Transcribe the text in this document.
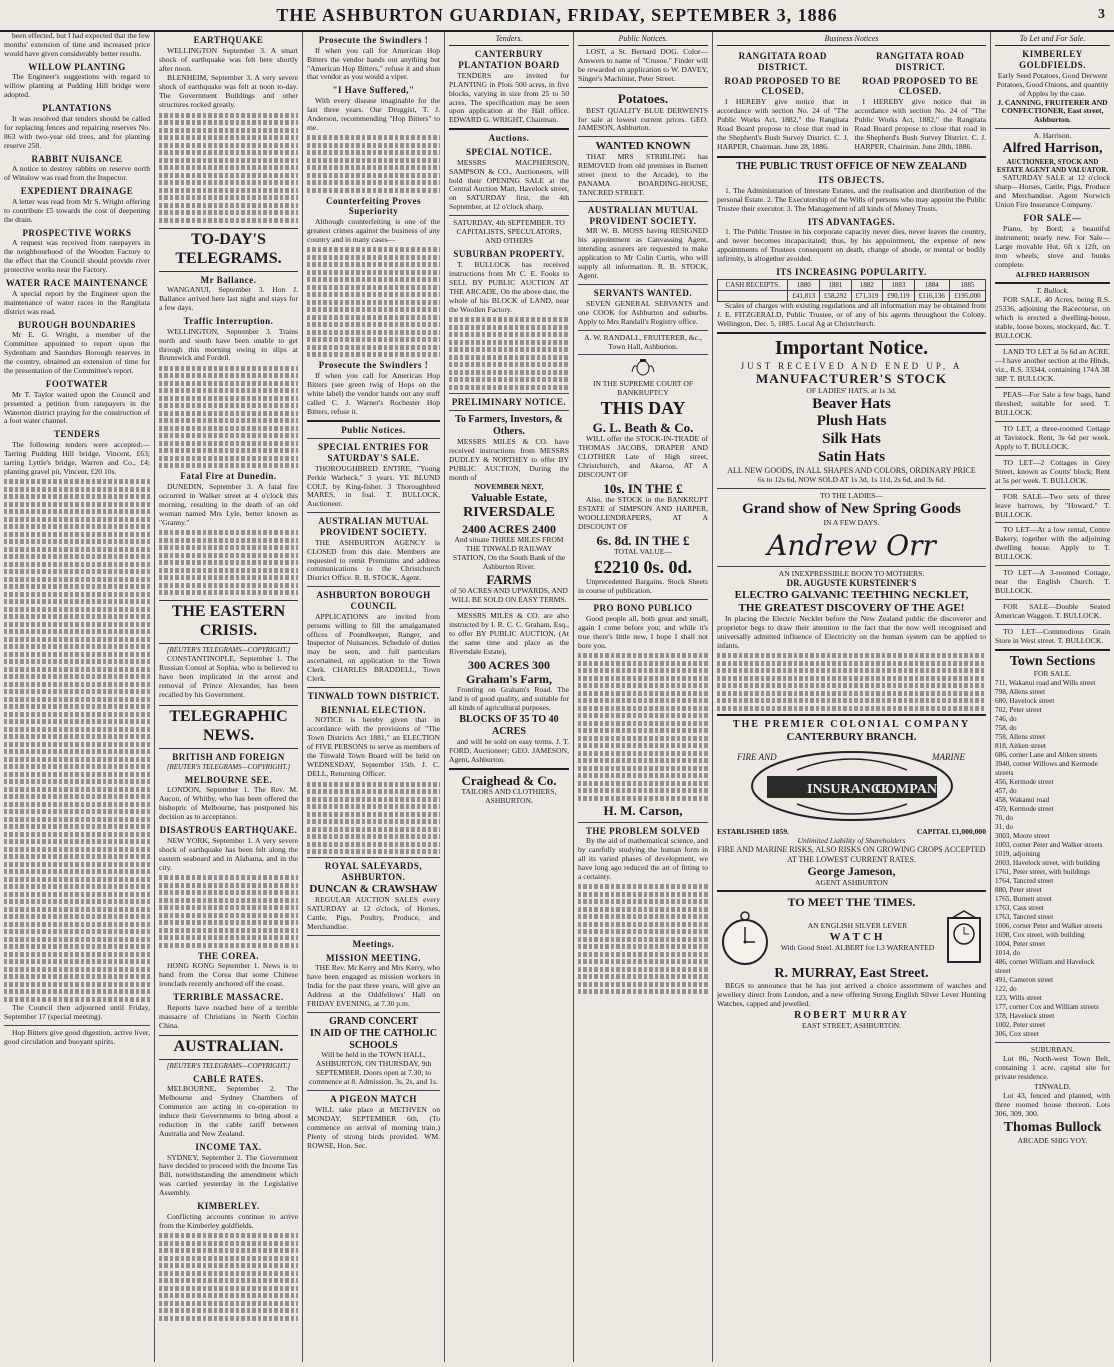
THE ASHBURTON GUARDIAN, FRIDAY, SEPTEMBER 3, 1886	3
been effected, but I had expected that the few months' extension of time and increased price would have given considerably better results.
WILLOW PLANTING
The Engineer's suggestions with regard to willow planting at Pudding Hill bridge were adopted.
PLANTATIONS
It was resolved that tenders should be called for replacing fences and repairing reserves No. 863 with two-year old trees, and for planting reserve 258.
RABBIT NUISANCE
A notice to destroy rabbits on reserve north of Winslow was read from the Inspector.
EXPEDIENT DRAINAGE
A letter was read from Mr S. Wright offering to contribute £5 towards the cost of deepening the drain.
PROSPECTIVE WORKS
A request was received from ratepayers in the neighbourhood of the Wooden Factory to the effect that the Council should provide river protective works near the Factory.
WATER RACE MAINTENANCE
A special report by the Engineer upon the maintenance of water races in the Rangitata district was read.
BUROUGH BOUNDARIES
Mr E. G. Wright, a member of the Committee appointed to report upon the Sydenham and Saundsrs Borough reserves in the country, obtained an extension of time for the presentation of the Committee's report.
FOOTWATER
Mr T. Taylor waited upon the Council and presented a petition from ratepayers in the Waterton district praying for the construction of a foot water channel.
TENDERS
The following tenders were accepted:—Tarring Pudding Hill bridge, Vincent, £63; tarring Lyttle's bridge, Warren and Co., £4; planting gravel pit, Vincent, £20 10s.
The Council then adjourned until Friday, September 17 (special meeting).
Hop Bitters give good digestion, active liver, good circulation and buoyant spirits.
EARTHQUAKE
WELLINGTON September 3. A smart shock of earthquake was felt here shortly after noon.
BLENHEIM, September 3. A very severe shock of earthquake was felt at noon to-day. The Government Buildings and other structures rocked greatly.
TO-DAY'S TELEGRAMS.
Mr Ballance.
WANGANUI, September 3. Hon J. Ballance arrived here last night and stays for a few days.
Traffic Interruption.
WELLINGTON, September 3. Trains north and south have been unable to get through this morning owing to slips at Brunswick and Fordell.
Fatal Fire at Dunedin.
DUNEDIN, September 3. A fatal fire occurred in Walker street at 4 o'clock this morning, resulting in the death of an old woman named Mrs Lyle, better known as "Granny."
THE EASTERN CRISIS.
[REUTER'S TELEGRAMS—COPYRIGHT.]
CONSTANTINOPLE, September 1. The Russian Consul at Sophia, who is believed to have been implicated in the arrest and removal of Prince Alexander, has been recalled by his Government.
TELEGRAPHIC NEWS.
BRITISH AND FOREIGN
[REUTER'S TELEGRAMS—COPYRIGHT.]
MELBOURNE SEE.
LONDON, September 1. The Rev. M. Aucon, of Whitby, who has been offered the bishopric of Melbourne, has postponed his decision as to acceptance.
DISASTROUS EARTHQUAKE.
NEW YORK, September 1. A very severe shock of earthquake has been felt along the eastern seaboard and in Alabama, and in the city.
THE COREA.
HONG KONG September 1. News is to hand from the Corea that some Chinese ironclads recently anchored off the coast.
TERRIBLE MASSACRE.
Reports have reached here of a terrible massacre of Christians in North Cochin China.
AUSTRALIAN.
[REUTER'S TELEGRAMS—COPYRIGHT.]
CABLE RATES.
MELBOURNE, September 2. The Melbourne and Sydney Chambers of Commerce are acting in co-operation to induce their Governments to bring about a reduction in the cable tariff between Australia and New Zealand.
INCOME TAX.
SYDNEY, September 2. The Government have decided to proceed with the Income Tax Bill, notwithstanding the amendment which was carried yesterday in the Legislative Assembly.
KIMBERLEY.
Conflicting accounts continue to arrive from the Kimberley goldfields.
Prosecute the Swindlers !
If when you call for American Hop Bitters the vendor hands out anything but "American Hop Bitters," refuse it and shun that vendor as you would a viper.
"I Have Suffered,"
With every disease imaginable for the last three years. Our Druggist, T. J. Anderson, recommending "Hop Bitters" to me.
Counterfeiting Proves Superiority
Although counterfeiting is one of the greatest crimes against the business of any country and in many cases—
Prosecute the Swindlers !
If when you call for American Hop Bitters (see green twig of Hops on the white label) the vendor hands out any stuff called C. J. Warner's Rochester Hop Bitters, refuse it.
Public Notices.
SPECIAL ENTRIES FOR SATURDAY'S SALE.
THOROUGHBRED ENTIRE, "Young Perkie Warbeck," 3 years. YE BLUND COLT, by King-fisher. 3 Thoroughbred MARES, in foal. T. BULLOCK, Auctioneer.
AUSTRALIAN MUTUAL PROVIDENT SOCIETY.
THE ASHBURTON AGENCY is CLOSED from this date. Members are requested to remit Premiums and address communications to the Christchurch District Office. R. B. STOCK, Agent.
ASHBURTON BOROUGH COUNCIL
APPLICATIONS are invited from persons willing to fill the amalgamated offices of Poundkeeper, Ranger, and Inspector of Nuisances. Schedule of duties may be seen, and full particulars ascertained, on application to the Town Clerk. CHARLES BRADDELL, Town Clerk.
TINWALD TOWN DISTRICT.
BIENNIAL ELECTION.
NOTICE is hereby given that in accordance with the provisions of "The Town Districts Act 1881," an ELECTION of FIVE PERSONS to serve as members of the Tinwald Town Board will be held on WEDNESDAY, September 15th. J. C. DELL, Returning Officer.
ROYAL SALEYARDS, ASHBURTON.
DUNCAN & CRAWSHAW
REGULAR AUCTION SALES every SATURDAY at 12 o'clock, of Horses, Cattle, Pigs, Poultry, Produce, and Merchandise.
Meetings.
MISSION MEETING.
THE Rev. Mr Kerry and Mrs Kerry, who have been engaged as mission workers in India for the past three years, will give an Address at the Oddfellows' Hall on FRIDAY EVENING, at 7.30 p.m.
GRAND CONCERT
IN AID OF THE CATHOLIC SCHOOLS
Will be held in the TOWN HALL, ASHBURTON, ON THURSDAY, 9th SEPTEMBER. Doors open at 7.30; to commence at 8. Admission, 3s, 2s, and 1s.
A PIGEON MATCH
WILL take place at METHVEN on MONDAY, SEPTEMBER 6th, (To commence on arrival of morning train.) Plenty of strong birds provided. WM. ROWSE, Hon. Sec.
Tenders.
CANTERBURY PLANTATION BOARD
TENDERS are invited for PLANTING in Plots 500 acres, in five blocks, varying in size from 25 to 50 acres. The specification may be seen upon application at the Hall office. EDWARD G. WRIGHT, Chairman.
Auctions.
SPECIAL NOTICE.
MESSRS MACPHERSON, SAMPSON & CO., Auctioneers, will hold their OPENING SALE at the Central Auction Mart, Havelock street, on SATURDAY first, the 4th September, at 12 o'clock sharp.
SATURDAY, 4th SEPTEMBER. TO CAPITALISTS, SPECULATORS, AND OTHERS
SUBURBAN PROPERTY.
T. BULLOCK has received instructions from Mr C. E. Fooks to SELL BY PUBLIC AUCTION AT THE ARCADE, On the above date, the whole of his BLOCK of LAND, near the Woollen Factory.
PRELIMINARY NOTICE.
To Farmers, Investors, & Others.
MESSRS MILES & CO. have received instructions from MESSRS DUDLEY & NORTHEY to offer BY PUBLIC AUCTION, During the month of
NOVEMBER NEXT,
Valuable Estate,
RIVERSDALE
2400 ACRES 2400
And situate THREE MILES FROM THE TINWALD RAILWAY STATION, On the South Bank of the Ashburton River.
FARMS
of 50 ACRES AND UPWARDS, AND WILL BE SOLD ON EASY TERMS.
MESSRS MILES & CO. are also instructed by I. R. C. C. Graham, Esq., to offer BY PUBLIC AUCTION, (At the same time and place as the Riversdale Estate),
300 ACRES 300 Graham's Farm,
Fronting on Graham's Road. The land is of good quality, and suitable for all kinds of agricultural purposes.
BLOCKS OF 35 TO 40 ACRES
and will be sold on easy terms. J. T. FORD, Auctioneer; GEO. JAMESON, Agent, Ashburton.
Craighead & Co.
TAILORS AND CLOTHIERS, ASHBURTON.
Public Notices.
LOST, a St. Bernard DOG. Color—Answers to name of "Crusoe." Finder will be rewarded on application to W. DAVEY, Singer's Machinist, Peter Street.
Potatoes.
BEST QUALITY BLUE DERWENTS for sale at lowest current prices. GEO. JAMESON, Ashburton.
WANTED KNOWN
THAT MRS STRIBLING has REMOVED from old premises in Burnett street (next to the Arcade), to the PANAMA BOARDING-HOUSE, TANCRED STREET.
AUSTRALIAN MUTUAL PROVIDENT SOCIETY.
MR W. B. MOSS having RESIGNED his appointment as Canvassing Agent, intending assurers are requested to make application to Mr Colin Curtis, who will supply all information. R. B. STOCK, Agent.
SERVANTS WANTED.
SEVEN GENERAL SERVANTS and one COOK for Ashburton and suburbs. Apply to Mrs Randall's Registry office.
A. W. RANDALL, FRUITERER, &c., Town Hall, Ashburton.
IN THE SUPREME COURT OF BANKRUPTCY
THIS DAY
G. L. Beath & Co.
WILL offer the STOCK-IN-TRADE of THOMAS JACOBS, DRAPER AND CLOTHIER Late of High street, Christchurch, and Akaroa, AT A DISCOUNT OF
10s. IN THE £
Also, the STOCK in the BANKRUPT ESTATE of SIMPSON AND HARPER, WOOLLENDRAPERS, AT A DISCOUNT OF
6s. 8d. IN THE £
TOTAL VALUE—
£2210 0s. 0d.
Unprecedented Bargains. Stock Sheets in course of publication.
PRO BONO PUBLICO
Good people all, both great and small, again I come before you; and while it's true there's little new, I hope I shall not bore you.
H. M. Carson,
THE PROBLEM SOLVED
By the aid of mathematical science, and by carefully studying the human form in all its varied phases of development, we have long ago reduced the art of fitting to a certainty.
Business Notices
RANGITATA ROAD DISTRICT.
ROAD PROPOSED TO BE CLOSED.
I HEREBY give notice that in accordance with section No. 24 of "The Public Works Act, 1882," the Rangitata Road Board propose to close that road in the Shepherd's Bush Survey District. C. J. HARPER, Chairman. June 28, 1886.
RANGITATA ROAD DISTRICT.
ROAD PROPOSED TO BE CLOSED.
I HEREBY give notice that in accordance with section No. 24 of "The Public Works Act, 1882," the Rangitata Road Board propose to close that road in the Shepherd's Bush Survey District. C. J. HARPER, Chairman. June 28th, 1886.
THE PUBLIC TRUST OFFICE OF NEW ZEALAND
ITS OBJECTS.
1. The Administration of Intestate Estates, and the realisation and distribution of the personal Estate. 2. The Executorship of the Wills of persons who may appoint the Public Trustee their executor. 3. The Management of all kinds of Money Trusts.
ITS ADVANTAGES.
1. The Public Trustee in his corporate capacity never dies, never leaves the country, and never becomes incapacitated; thus, by his appointment, the expense of new appointments of Trustees consequent on death, change of abode, or mental or bodily infirmity, is altogether avoided.
ITS INCREASING POPULARITY.
CASH RECEIPTS.	1880	1881	1882	1883	1884	1885
	£41,813	£58,292	£71,319	£90,119	£116,136	£195,000
Scales of charges with existing regulations and all information may be obtained from J. E. FITZGERALD, Public Trustee, or of any of his agents throughout the Colony. Wellington, Dec. 5, 1885. Local Ag at Christchurch.
Important Notice.
JUST RECEIVED AND ENED UP, A
MANUFACTURER'S STOCK
OF LADIES' HATS, at 1s 3d.
Beaver Hats
Plush Hats
Silk Hats
Satin Hats
ALL NEW GOODS, IN ALL SHAPES AND COLORS, ORDINARY PRICE
6s to 12s 6d, NOW SOLD AT 1s 3d, 1s 11d, 2s 6d, and 3s 6d.
TO THE LADIES—
Grand show of New Spring Goods
IN A FEW DAYS.
Andrew Orr
AN INEXPRESSIBLE BOON TO MOTHERS.
DR. AUGUSTE KURSTEINER'S
ELECTRO GALVANIC TEETHING NECKLET,
THE GREATEST DISCOVERY OF THE AGE!
In placing the Electric Necklet before the New Zealand public the discoverer and proprietor begs to draw their attention to the fact that the now well recognised and universally admitted influence of Electricity on the human system can be applied to infants.
THE PREMIER COLONIAL COMPANY
CANTERBURY BRANCH.
INSURANCE
COMPANY
FIRE AND	MARINE
ESTABLISHED 1859.	CAPITAL £1,000,000
Unlimited Liability of Shareholders
FIRE AND MARINE RISKS, ALSO RISKS ON GROWING CROPS ACCEPTED AT THE LOWEST CURRENT RATES.
George Jameson,
AGENT ASHBURTON
TO MEET THE TIMES.
AN ENGLISH SILVER LEVER
WATCH
With Good Steel. ALBERT for L3 WARRANTED
R. MURRAY, East Street.
BEGS to announce that he has just arrived a choice assortment of watches and jewellery direct from London, and a new offering Strong English Silver Lever Hunting Watches, capped and jewelled.
ROBERT MURRAY
EAST STREET, ASHBURTON.
To Let and For Sale.
KIMBERLEY GOLDFIELDS.
Early Seed Potatoes, Good Derwent Potatoes, Good Onions, and quantity of Apples by the case.
J. CANNING, FRUITERER AND CONFECTIONER, East street, Ashburton.
A. Harrison.
Alfred Harrison,
AUCTIONEER, STOCK AND ESTATE AGENT AND VALUATOR.
SATURDAY SALE at 12 o'clock sharp—Horses, Cattle, Pigs, Produce and Merchandise. Agent Norwich Union Fire Insurance Company.
FOR SALE—
Piano, by Bord; a beautiful instrument; nearly new. For Sale—Large movable Hut, 6ft x 12ft, on iron wheels; stove and bunks complete.
ALFRED HARRISON
T. Bullock.
FOR SALE, 40 Acres, being R.S. 25336, adjoining the Racecourse, on which is erected a dwelling-house, stable, loose boxes, stockyard, &c. T. BULLOCK.
LAND TO LET at 5s 6d an ACRE.—I have another section at the Hinds, viz., R.S. 33344, containing 174A 3R 38P. T. BULLOCK.
PEAS—For Sale a few bags, hand threshed; suitable for seed. T. BULLOCK.
TO LET, a three-roomed Cottage at Tavistock. Rent, 3s 6d per week. Apply to T. BULLOCK.
TO LET—2 Cottages in Grey Street, known as Coutts' block; Rent at 5s per week. T. BULLOCK.
FOR SALE—Two sets of three leave barrows, by "Howard." T. BULLOCK.
TO LET—At a low rental, Centre Bakery, together with the adjoining dwelling house. Apply to T. BULLOCK.
TO LET—A 3-roomed Cottage, near the English Church. T. BULLOCK.
FOR SALE—Double Seated American Waggon. T. BULLOCK.
TO LET—Commodious Grain Store in West street. T. BULLOCK.
Town Sections
FOR SALE.
711, Wakanui road and Wills street
798, Allens street
680, Havelock street
702, Peter street
746, do
758, do
758, Allens street
818, Aitken street
686, corner Lane and Aitken streets
3940, corner Willows and Kermode streets
456, Kermode street
457, do
458, Wakanui road
459, Kermode street
70, do
31, do
3003, Moore street
1003, corner Peter and Walker streets
1019, adjoining
2003, Havelock street, with building
1761, Peter street, with buildings
1764, Tancred street
880, Peter street
1765, Burnett street
1763, Cass street
1763, Tancred street
1006, corner Peter and Walker streets
1698, Cox street, with building
1004, Peter street
1014, do
486, corner William and Havelock street
491, Cameron street
122, do
123, Wills street
177, corner Cox and William streets
378, Havelock street
1002, Peter street
306, Cox street
SUBURBAN.
Lot 86, North-west Town Belt, containing 1 acre, capital site for private residence.
TINWALD.
Lot 43, fenced and planted, with three roomed house thereon. Lots 306, 309, 300.
Thomas Bullock
ARCADE SHIG YOY.
